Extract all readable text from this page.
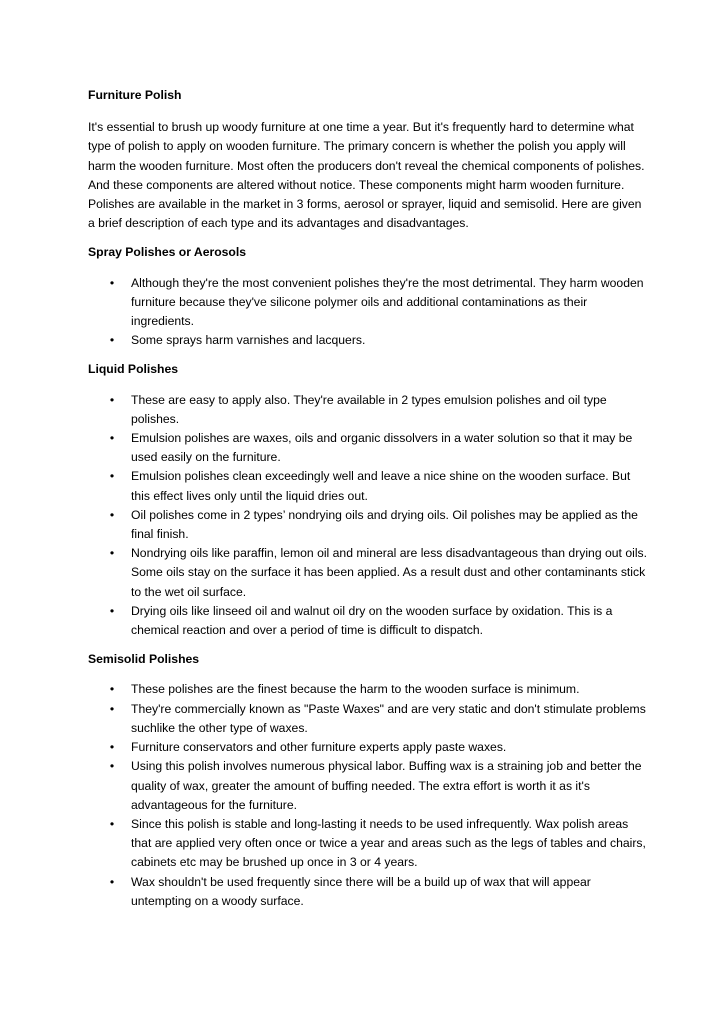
Furniture Polish

It's essential to brush up woody furniture at one time a year. But it's frequently hard to determine what type of polish to apply on wooden furniture. The primary concern is whether the polish you apply will harm the wooden furniture. Most often the producers don't reveal the chemical components of polishes. And these components are altered without notice. These components might harm wooden furniture. Polishes are available in the market in 3 forms, aerosol or sprayer, liquid and semisolid. Here are given a brief description of each type and its advantages and disadvantages.

Spray Polishes or Aerosols

• Although they're the most convenient polishes they're the most detrimental. They harm wooden furniture because they've silicone polymer oils and additional contaminations as their ingredients.
• Some sprays harm varnishes and lacquers.

Liquid Polishes

• These are easy to apply also. They're available in 2 types emulsion polishes and oil type polishes.
• Emulsion polishes are waxes, oils and organic dissolvers in a water solution so that it may be used easily on the furniture.
• Emulsion polishes clean exceedingly well and leave a nice shine on the wooden surface. But this effect lives only until the liquid dries out.
• Oil polishes come in 2 types’ nondrying oils and drying oils. Oil polishes may be applied as the final finish.
• Nondrying oils like paraffin, lemon oil and mineral are less disadvantageous than drying out oils. Some oils stay on the surface it has been applied. As a result dust and other contaminants stick to the wet oil surface.
• Drying oils like linseed oil and walnut oil dry on the wooden surface by oxidation. This is a chemical reaction and over a period of time is difficult to dispatch.

Semisolid Polishes

• These polishes are the finest because the harm to the wooden surface is minimum.
• They're commercially known as "Paste Waxes" and are very static and don't stimulate problems suchlike the other type of waxes.
• Furniture conservators and other furniture experts apply paste waxes.
• Using this polish involves numerous physical labor. Buffing wax is a straining job and better the quality of wax, greater the amount of buffing needed. The extra effort is worth it as it's advantageous for the furniture.
• Since this polish is stable and long-lasting it needs to be used infrequently. Wax polish areas that are applied very often once or twice a year and areas such as the legs of tables and chairs, cabinets etc may be brushed up once in 3 or 4 years.
• Wax shouldn't be used frequently since there will be a build up of wax that will appear untempting on a woody surface.
